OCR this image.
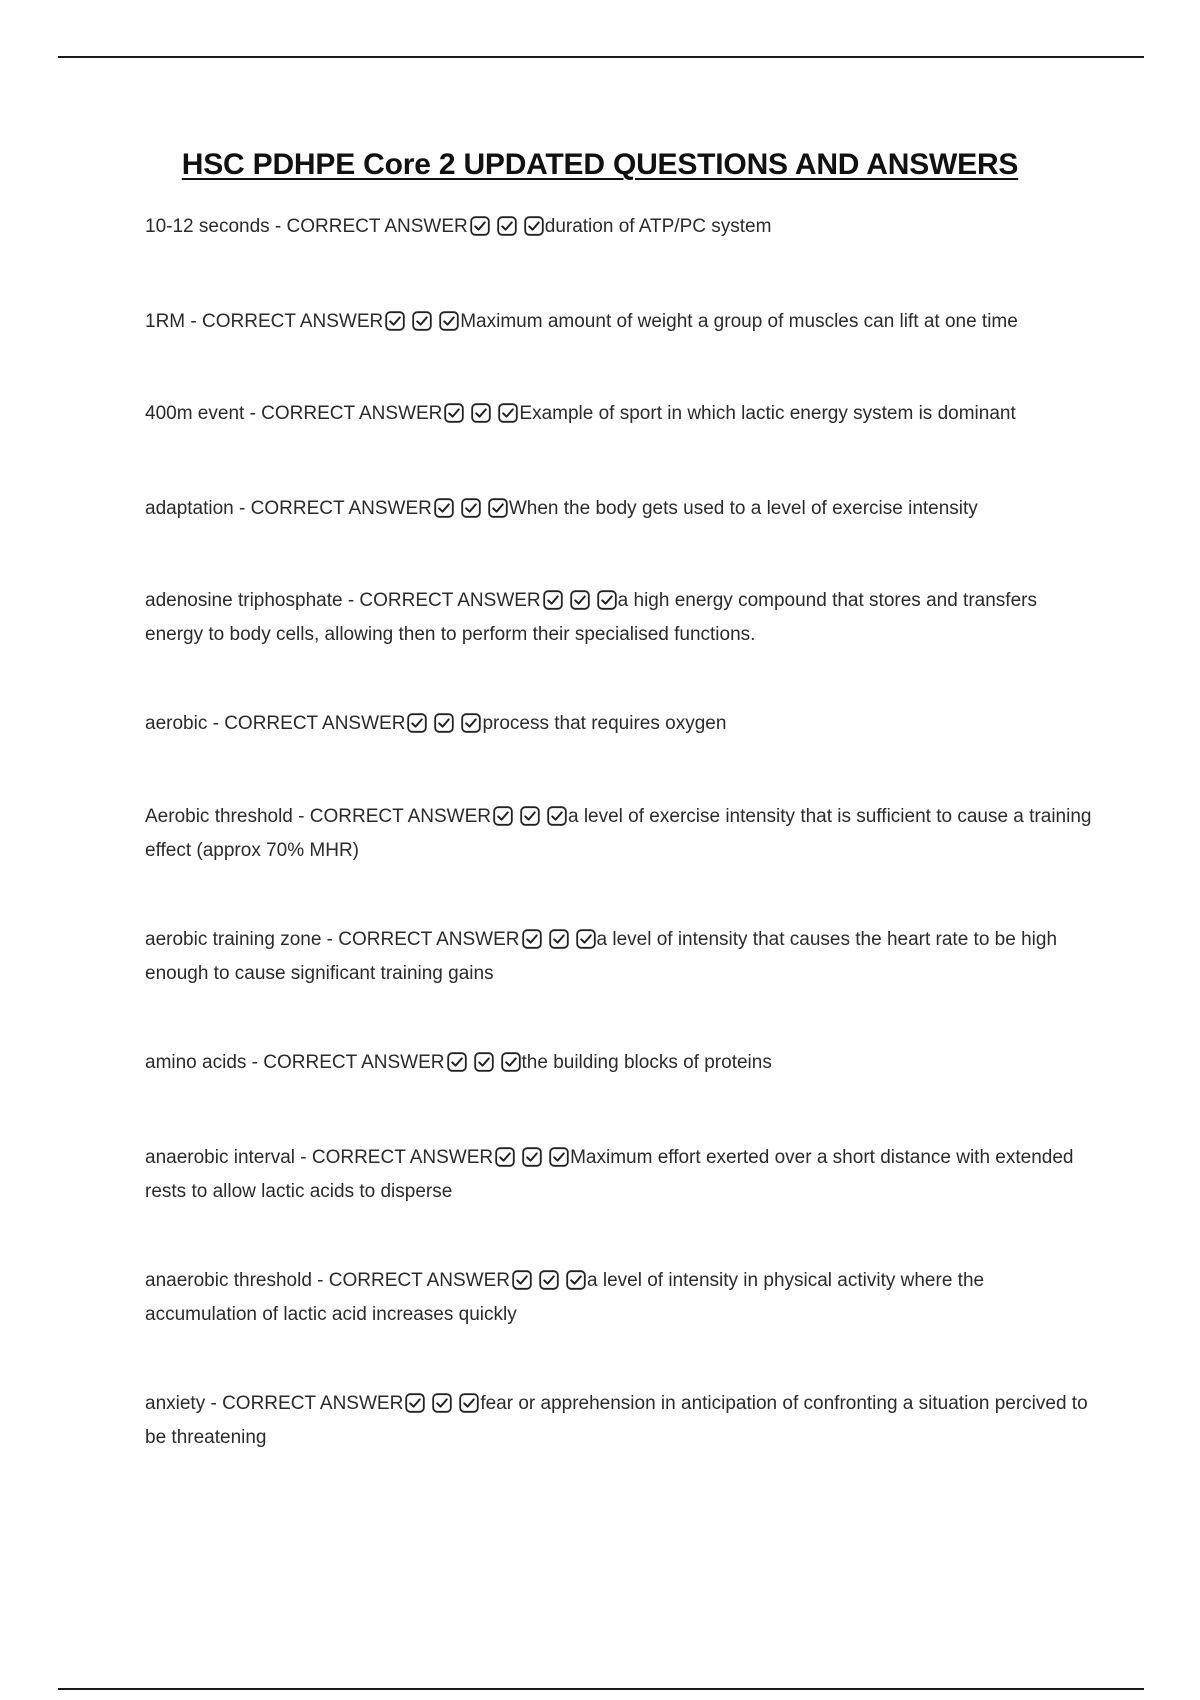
HSC PDHPE Core 2 UPDATED QUESTIONS AND ANSWERS
10-12 seconds - CORRECT ANSWER	duration of ATP/PC system
1RM - CORRECT ANSWER	Maximum amount of weight a group of muscles can lift at one time
400m event - CORRECT ANSWER	Example of sport in which lactic energy system is dominant
adaptation - CORRECT ANSWER	When the body gets used to a level of exercise intensity
adenosine triphosphate - CORRECT ANSWER	a high energy compound that stores and transfers energy to body cells, allowing then to perform their specialised functions.
aerobic - CORRECT ANSWER	process that requires oxygen
Aerobic threshold - CORRECT ANSWER	a level of exercise intensity that is sufficient to cause a training effect (approx 70% MHR)
aerobic training zone - CORRECT ANSWER	a level of intensity that causes the heart rate to be high enough to cause significant training gains
amino acids - CORRECT ANSWER	the building blocks of proteins
anaerobic interval - CORRECT ANSWER	Maximum effort exerted over a short distance with extended rests to allow lactic acids to disperse
anaerobic threshold - CORRECT ANSWER	a level of intensity in physical activity where the accumulation of lactic acid increases quickly
anxiety - CORRECT ANSWER	fear or apprehension in anticipation of confronting a situation percived to be threatening
